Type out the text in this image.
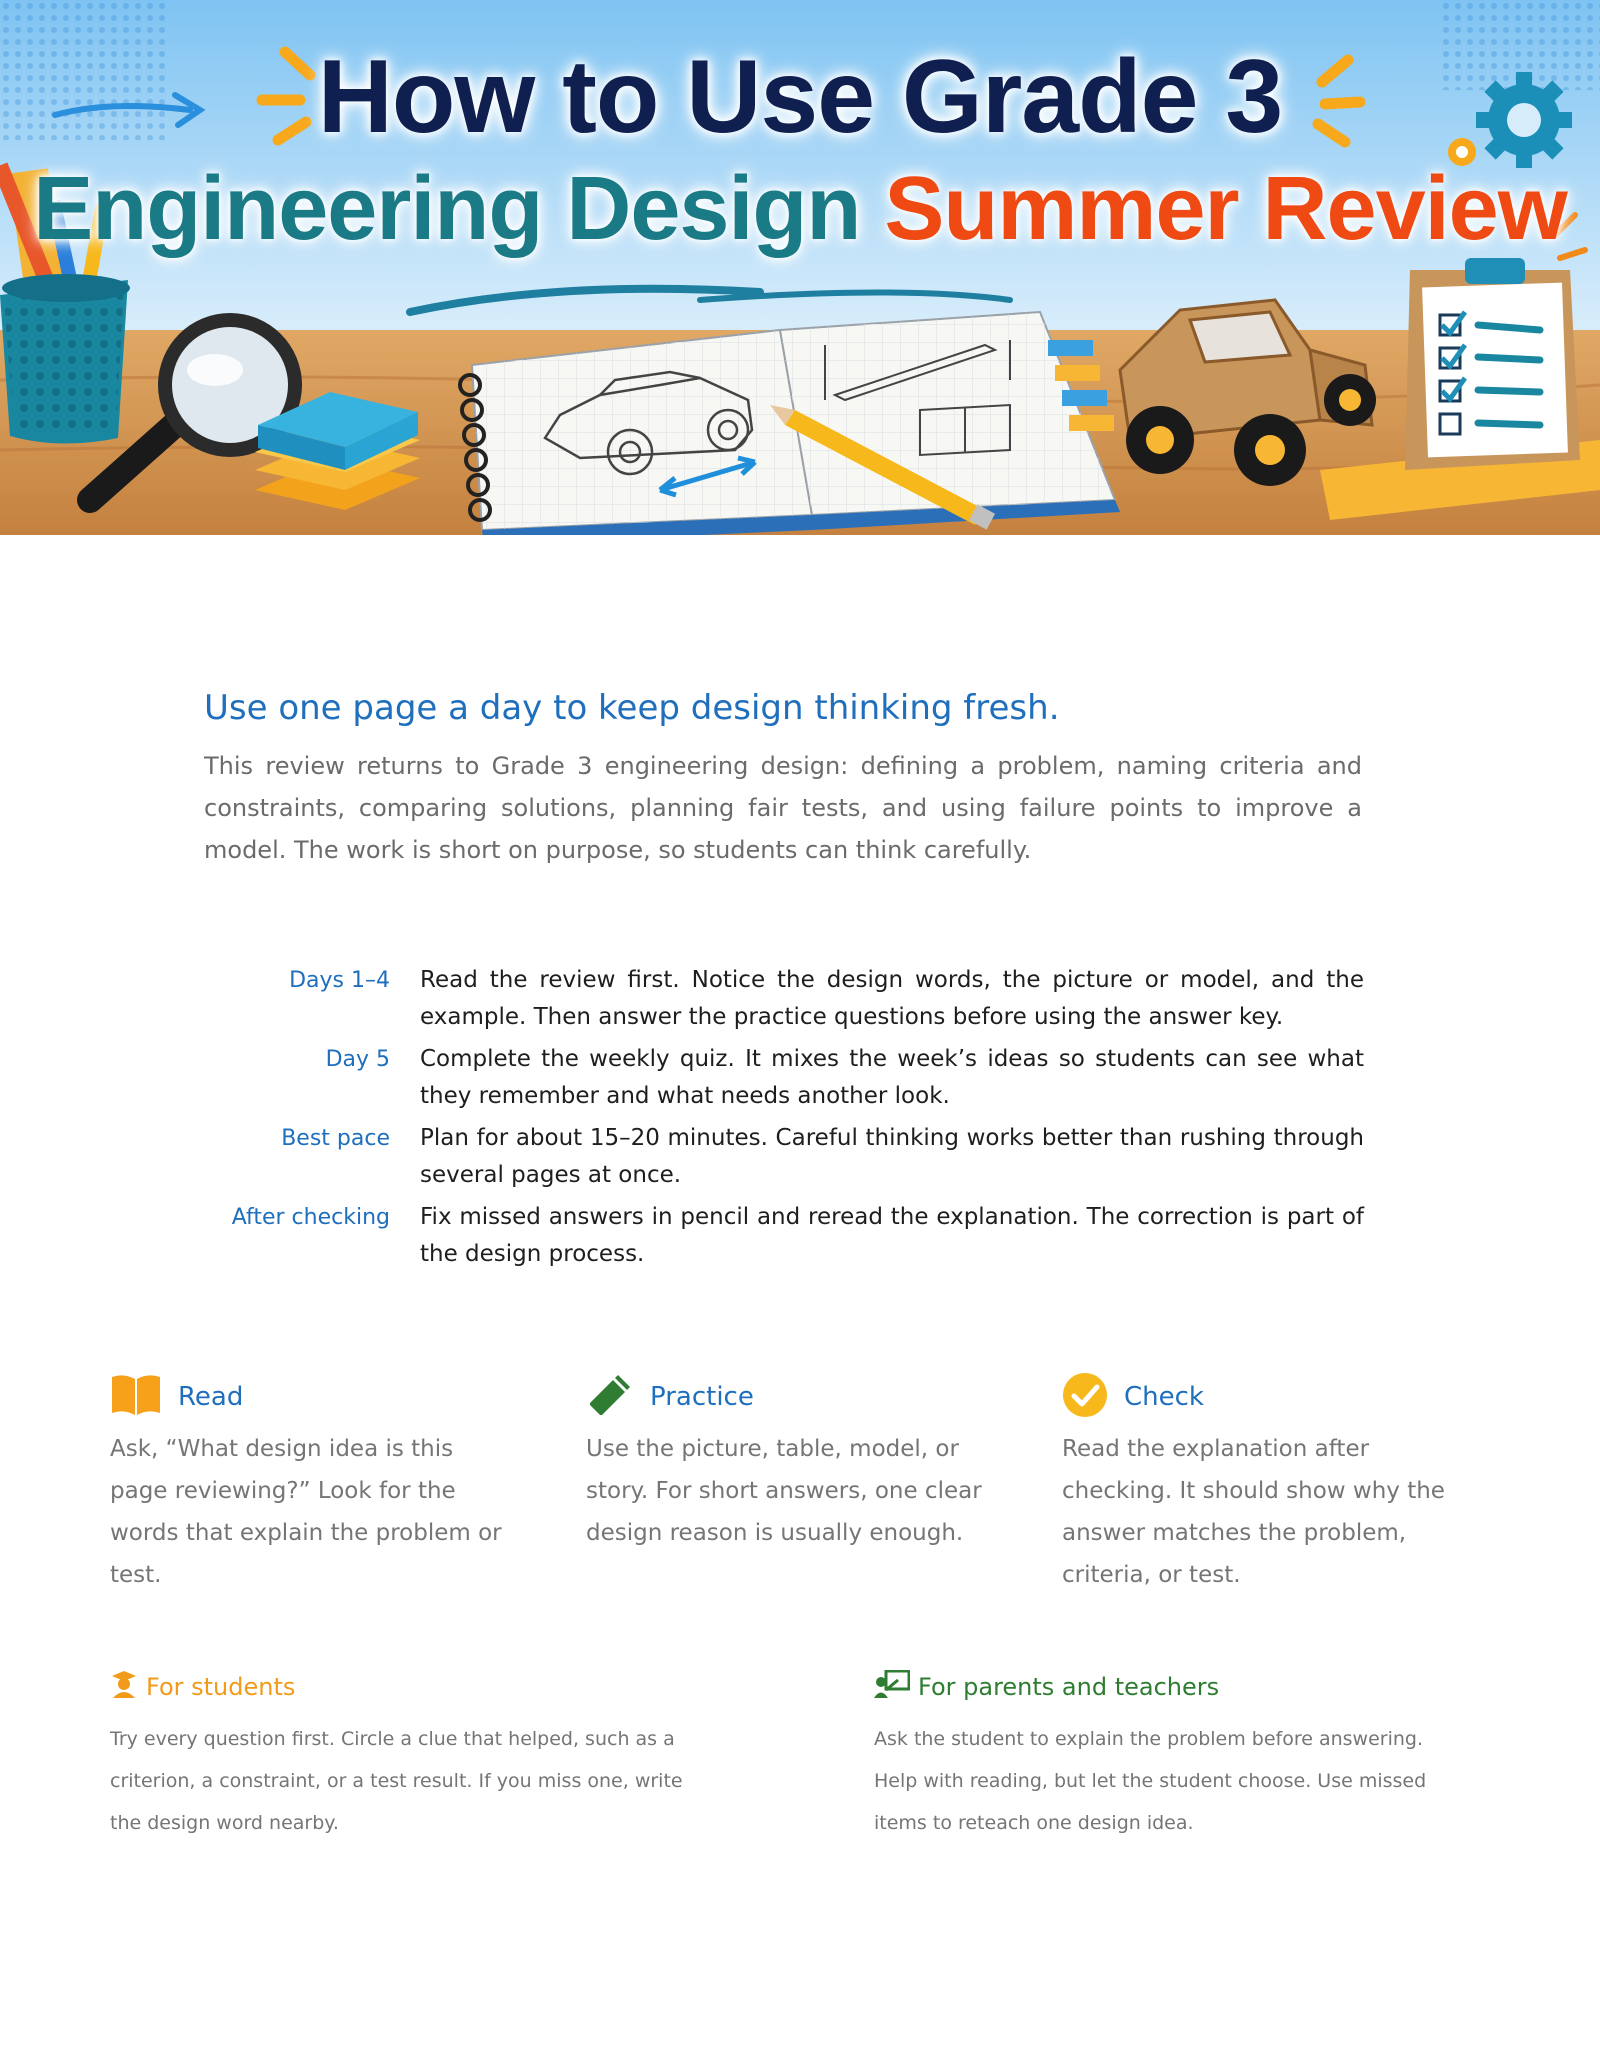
How to Use Grade 3
Engineering Design Summer Review
Use one page a day to keep design thinking fresh.
This review returns to Grade 3 engineering design: defining a problem, naming criteria and constraints, comparing solutions, planning fair tests, and using failure points to improve a model. The work is short on purpose, so students can think carefully.
Days 1–4	Read the review first. Notice the design words, the picture or model, and the example. Then answer the practice questions before using the answer key.
Day 5	Complete the weekly quiz. It mixes the week’s ideas so students can see what they remember and what needs another look.
Best pace	Plan for about 15–20 minutes. Careful thinking works better than rushing through several pages at once.
After checking	Fix missed answers in pencil and reread the explanation. The correction is part of the design process.
Read
Ask, “What design idea is this page reviewing?” Look for the words that explain the problem or test.
Practice
Use the picture, table, model, or story. For short answers, one clear design reason is usually enough.
Check
Read the explanation after checking. It should show why the answer matches the problem, criteria, or test.
For students
Try every question first. Circle a clue that helped, such as a criterion, a constraint, or a test result. If you miss one, write the design word nearby.
For parents and teachers
Ask the student to explain the problem before answering. Help with reading, but let the student choose. Use missed items to reteach one design idea.
